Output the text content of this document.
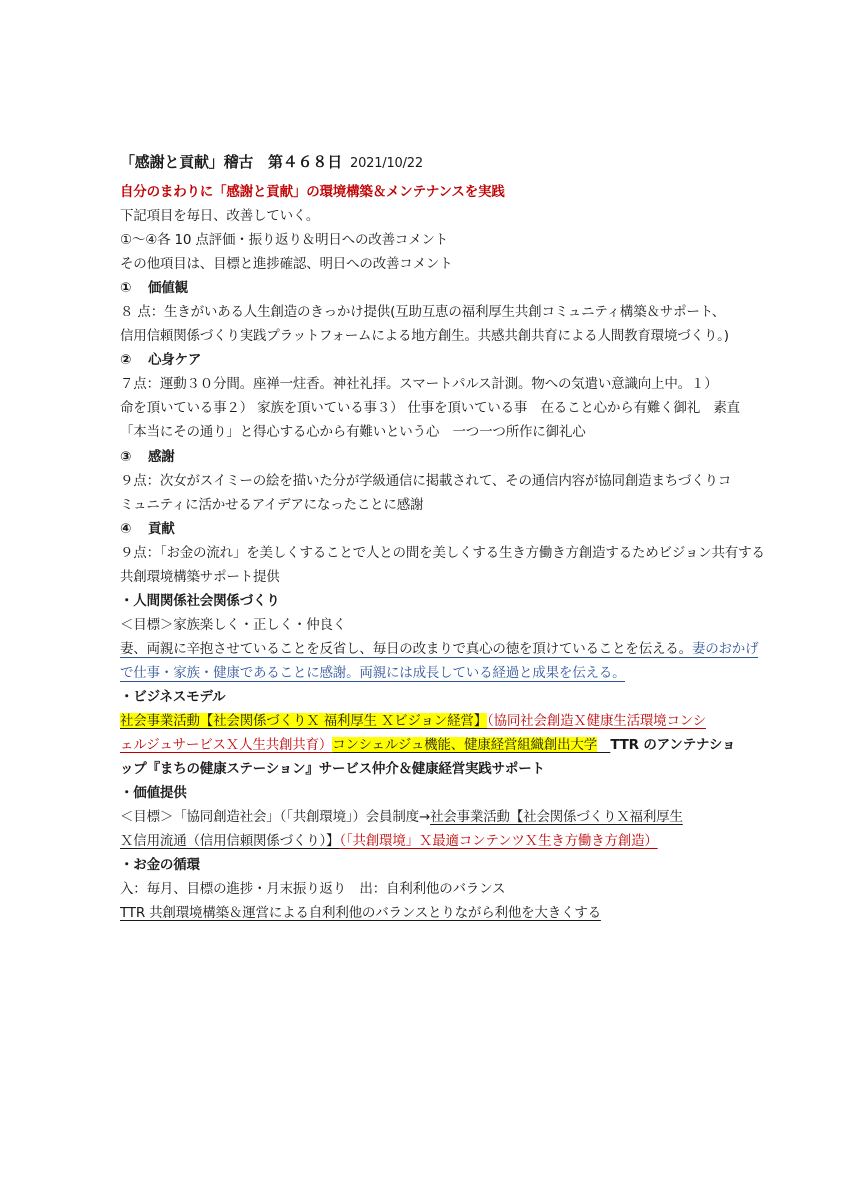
「感謝と貢献」稽古　第４６８日 2021/10/22
自分のまわりに「感謝と貢献」の環境構築＆メンテナンスを実践
下記項目を毎日、改善していく。
①～④各 10 点評価・振り返り＆明日への改善コメント
その他項目は、目標と進捗確認、明日への改善コメント
① 価値観
８ 点：生きがいある人生創造のきっかけ提供(互助互恵の福利厚生共創コミュニティ構築＆サポート、
信用信頼関係づくり実践プラットフォームによる地方創生。共感共創共育による人間教育環境づくり。)
② 心身ケア
７点：運動３０分間。座禅一炷香。神社礼拝。スマートパルス計測。物への気遣い意識向上中。１）
命を頂いている事２） 家族を頂いている事３） 仕事を頂いている事　在ること心から有難く御礼　素直
「本当にその通り」と得心する心から有難いという心　一つ一つ所作に御礼心
③ 感謝
９点：次女がスイミーの絵を描いた分が学級通信に掲載されて、その通信内容が協同創造まちづくりコ
ミュニティに活かせるアイデアになったことに感謝
④ 貢献
９点：「お金の流れ」を美しくすることで人との間を美しくする生き方働き方創造するためビジョン共有する
共創環境構築サポート提供
・人間関係社会関係づくり
＜目標＞家族楽しく・正しく・仲良く
妻、両親に辛抱させていることを反省し、毎日の改まりで真心の徳を頂けていることを伝える。妻のおかげ
で仕事・家族・健康であることに感謝。両親には成長している経過と成果を伝える。
・ビジネスモデル
社会事業活動【社会関係づくりＸ 福利厚生 Ｘビジョン経営】（協同社会創造Ｘ健康生活環境コンシ
ェルジュサービスＸ人生共創共育）コンシェルジュ機能、健康経営組織創出大学　 TTR のアンテナショ
ップ『まちの健康ステーション』サービス仲介＆健康経営実践サポート
・価値提供
＜目標＞「協同創造社会」（「共創環境」）会員制度→社会事業活動【社会関係づくりＸ福利厚生
Ｘ信用流通（信用信頼関係づくり）】（「共創環境」Ｘ最適コンテンツＸ生き方働き方創造）
・お金の循環
入：毎月、目標の進捗・月末振り返り　出：自利利他のバランス
TTR 共創環境構築＆運営による自利利他のバランスとりながら利他を大きくする
